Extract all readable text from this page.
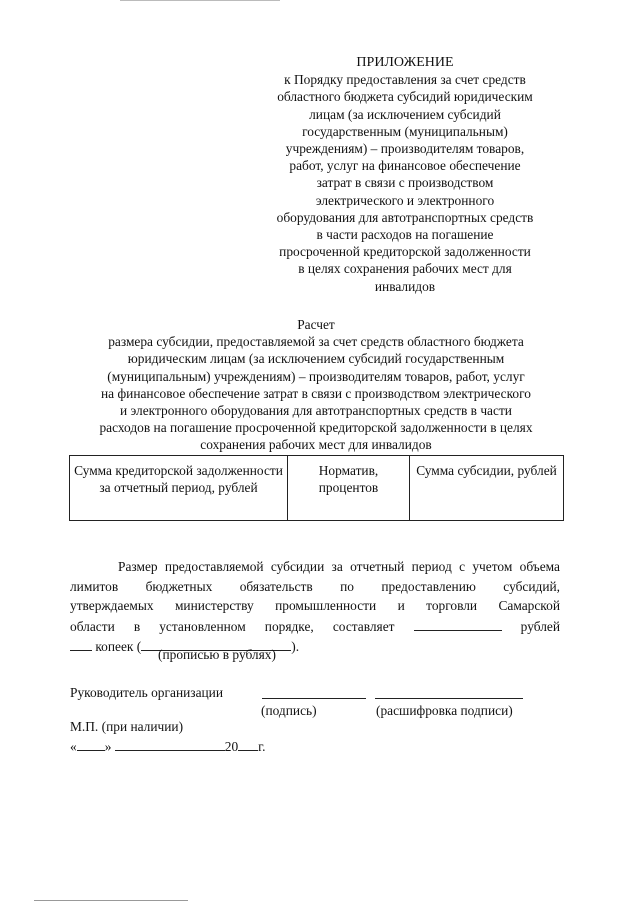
ПРИЛОЖЕНИЕ
к Порядку предоставления за счет средств
областного бюджета субсидий юридическим
лицам (за исключением субсидий
государственным (муниципальным)
учреждениям) – производителям товаров,
работ, услуг на финансовое обеспечение
затрат в связи с производством
электрического и электронного
оборудования для автотранспортных средств
в части расходов на погашение
просроченной кредиторской задолженности
в целях сохранения рабочих мест для
инвалидов
Расчет
размера субсидии, предоставляемой за счет средств областного бюджета
юридическим лицам (за исключением субсидий государственным
(муниципальным) учреждениям) – производителям товаров, работ, услуг
на финансовое обеспечение затрат в связи с производством электрического
и электронного оборудования для автотранспортных средств в части
расходов на погашение просроченной кредиторской задолженности в целях
сохранения рабочих мест для инвалидов
Сумма кредиторской задолженности за отчетный период, рублей	Норматив, процентов	Сумма субсидии, рублей
Размер предоставляемой субсидии за отчетный период с учетом объема
лимитов бюджетных обязательств по предоставлению субсидий,
утверждаемых министерству промышленности и торговли Самарской
области в установленном порядке, составляет	рублей
копеек (	).
(прописью в рублях)
Руководитель организации
(подпись)	(расшифровка подписи)
М.П. (при наличии)
« »	20 г.
